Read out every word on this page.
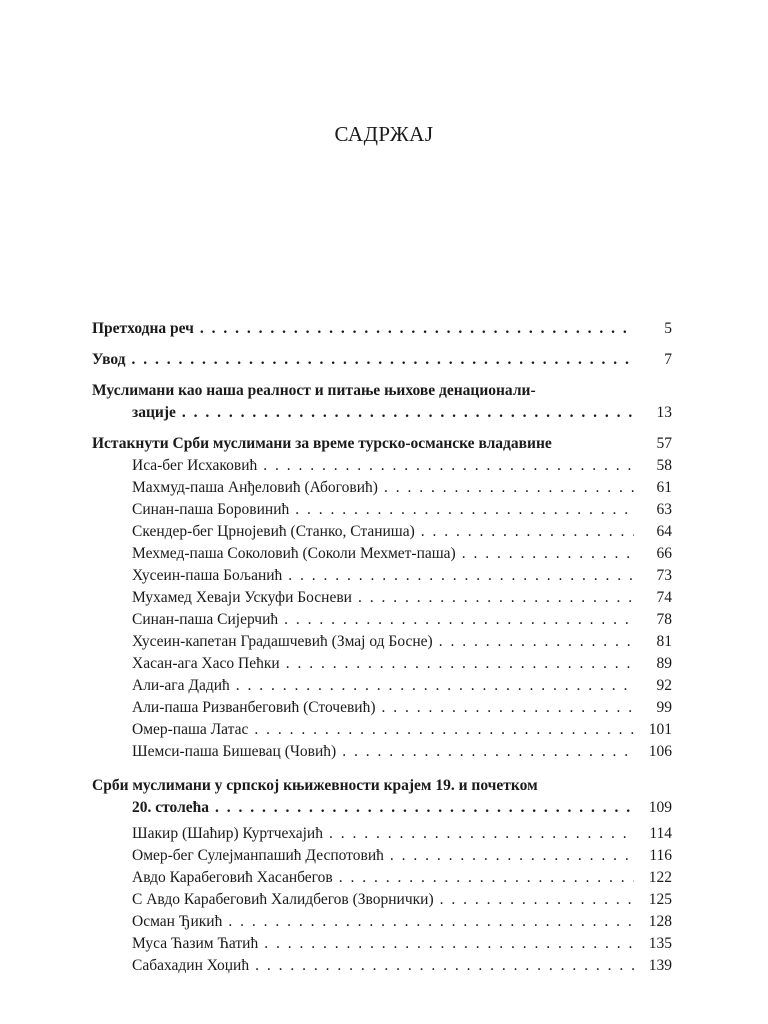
САДРЖАЈ
Претходна реч . . .	5
Увод . . .	7
Муслимани као наша реалност и питање њихове денационали-
зације . . .	13
Истакнути Срби муслимани за време турско-османске владавине	57
Иса-бег Исхаковић . . .	58
Махмуд-паша Анђеловић (Абоговић) . . .	61
Синан-паша Боровинић . . .	63
Скендер-бег Црнојевић (Станко, Станиша) . . .	64
Мехмед-паша Соколовић (Соколи Мехмет-паша) . . .	66
Хусеин-паша Бољанић . . .	73
Мухамед Хеваји Ускуфи Босневи . . .	74
Синан-паша Сијерчић . . .	78
Хусеин-капетан Градашчевић (Змај од Босне) . . .	81
Хасан-ага Хасо Пећки . . .	89
Али-ага Дадић . . .	92
Али-паша Ризванбеговић (Сточевић) . . .	99
Омер-паша Латас . . .	101
Шемси-паша Бишевац (Човић) . . .	106
Срби муслимани у српској књижевности крајем 19. и почетком
20. столећа . . .	109
Шакир (Шаћир) Куртчехајић . . .	114
Омер-бег Сулејманпашић Деспотовић . . .	116
Авдо Карабеговић Хасанбегов . . .	122
С Авдо Карабеговић Халидбегов (Зворнички) . . .	125
Осман Ђикић . . .	128
Муса Ћазим Ћатић . . .	135
Сабахадин Хоџић . . .	139
